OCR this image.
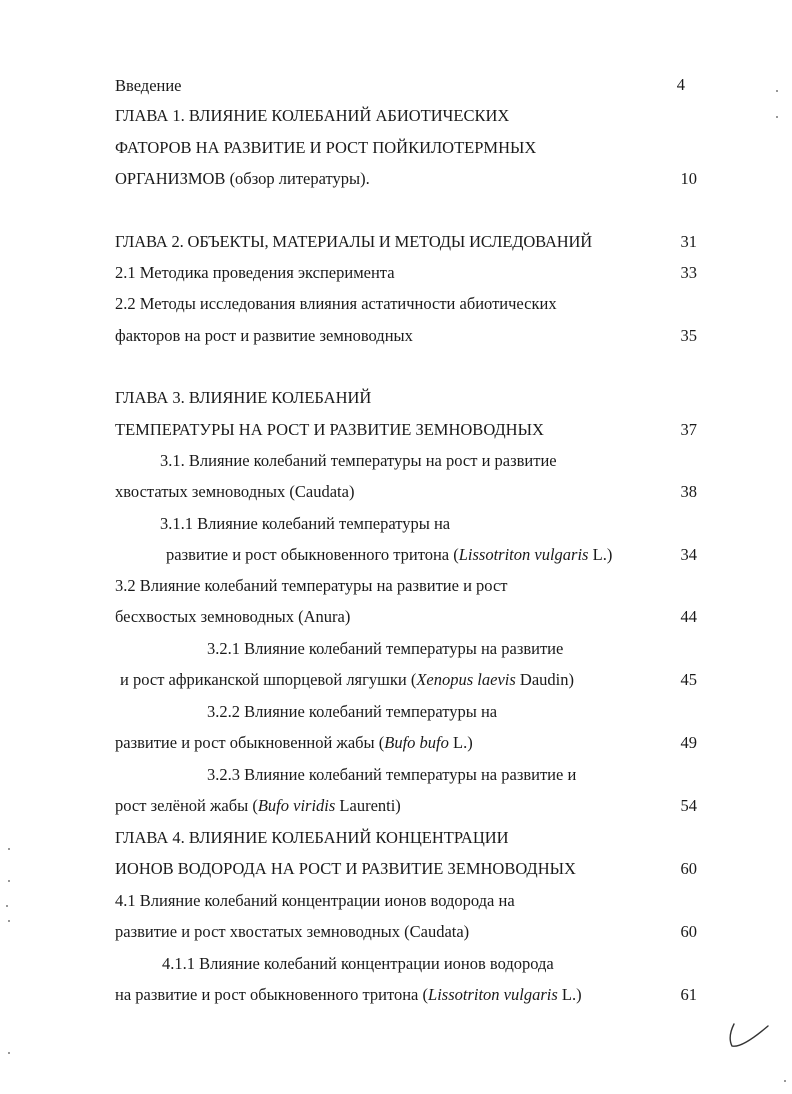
Введение	4
ГЛАВА 1. ВЛИЯНИЕ КОЛЕБАНИЙ АБИОТИЧЕСКИХ
ФАТОРОВ НА РАЗВИТИЕ И РОСТ ПОЙКИЛОТЕРМНЫХ
ОРГАНИЗМОВ (обзор литературы).	10
ГЛАВА 2. ОБЪЕКТЫ, МАТЕРИАЛЫ И МЕТОДЫ ИСЛЕДОВАНИЙ	31
2.1 Методика проведения эксперимента	33
2.2 Методы исследования влияния астатичности абиотических
факторов на рост и развитие земноводных	35
ГЛАВА 3. ВЛИЯНИЕ КОЛЕБАНИЙ
ТЕМПЕРАТУРЫ НА РОСТ И РАЗВИТИЕ ЗЕМНОВОДНЫХ	37
3.1. Влияние колебаний температуры на рост и развитие
хвостатых земноводных (Caudata)	38
3.1.1 Влияние колебаний температуры на
развитие и рост обыкновенного тритона (Lissotriton vulgaris L.)	34
3.2 Влияние колебаний температуры на развитие и рост
бесхвостых земноводных (Anura)	44
3.2.1 Влияние колебаний температуры на развитие
и рост африканской шпорцевой лягушки (Xenopus laevis Daudin)	45
3.2.2 Влияние колебаний температуры на
развитие и рост обыкновенной жабы (Bufo bufo L.)	49
3.2.3 Влияние колебаний температуры на развитие и
рост зелёной жабы (Bufo viridis Laurenti)	54
ГЛАВА 4. ВЛИЯНИЕ КОЛЕБАНИЙ КОНЦЕНТРАЦИИ
ИОНОВ ВОДОРОДА НА РОСТ И РАЗВИТИЕ ЗЕМНОВОДНЫХ	60
4.1 Влияние колебаний концентрации ионов водорода на
развитие и рост хвостатых земноводных (Caudata)	60
4.1.1 Влияние колебаний концентрации ионов водорода
на развитие и рост обыкновенного тритона (Lissotriton vulgaris L.)	61
